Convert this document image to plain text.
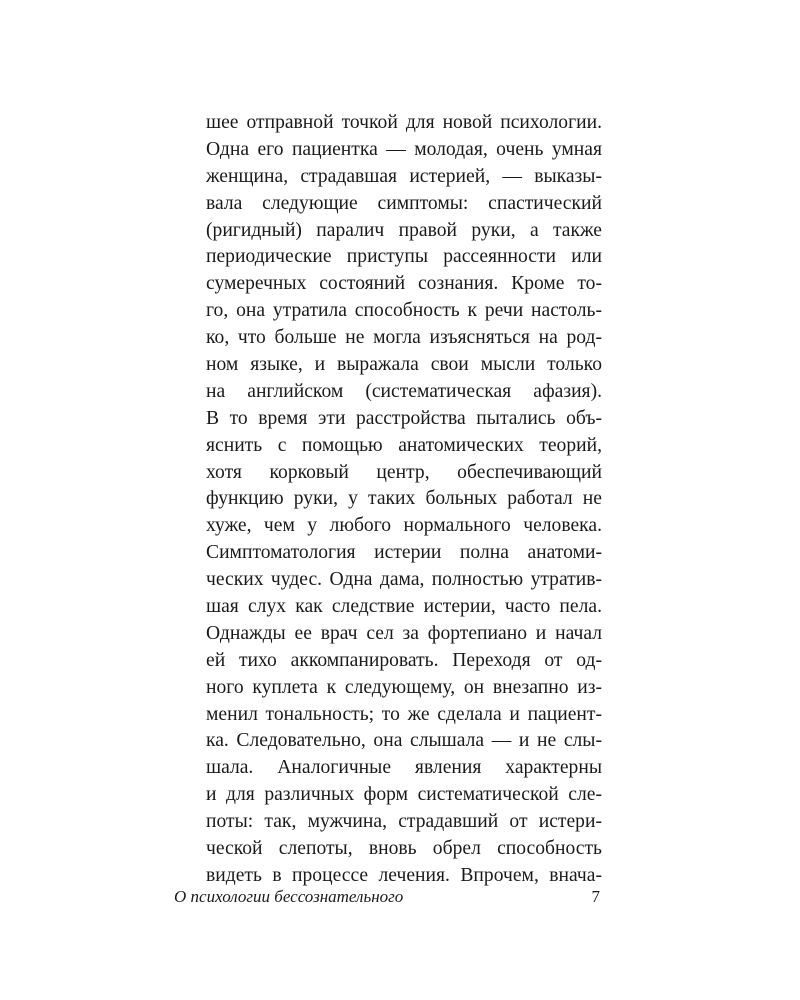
шее отправной точкой для новой психологии.
Одна его пациентка — молодая, очень умная
женщина, страдавшая истерией, — выказы-
вала следующие симптомы: спастический
(ригидный) паралич правой руки, а также
периодические приступы рассеянности или
сумеречных состояний сознания. Кроме то-
го, она утратила способность к речи настоль-
ко, что больше не могла изъясняться на род-
ном языке, и выражала свои мысли только
на английском (систематическая афазия).
В то время эти расстройства пытались объ-
яснить с помощью анатомических теорий,
хотя корковый центр, обеспечивающий
функцию руки, у таких больных работал не
хуже, чем у любого нормального человека.
Симптоматология истерии полна анатоми-
ческих чудес. Одна дама, полностью утратив-
шая слух как следствие истерии, часто пела.
Однажды ее врач сел за фортепиано и начал
ей тихо аккомпанировать. Переходя от од-
ного куплета к следующему, он внезапно из-
менил тональность; то же сделала и пациент-
ка. Следовательно, она слышала — и не слы-
шала. Аналогичные явления характерны
и для различных форм систематической сле-
поты: так, мужчина, страдавший от истери-
ческой слепоты, вновь обрел способность
видеть в процессе лечения. Впрочем, внача-
О психологии бессознательного	7
